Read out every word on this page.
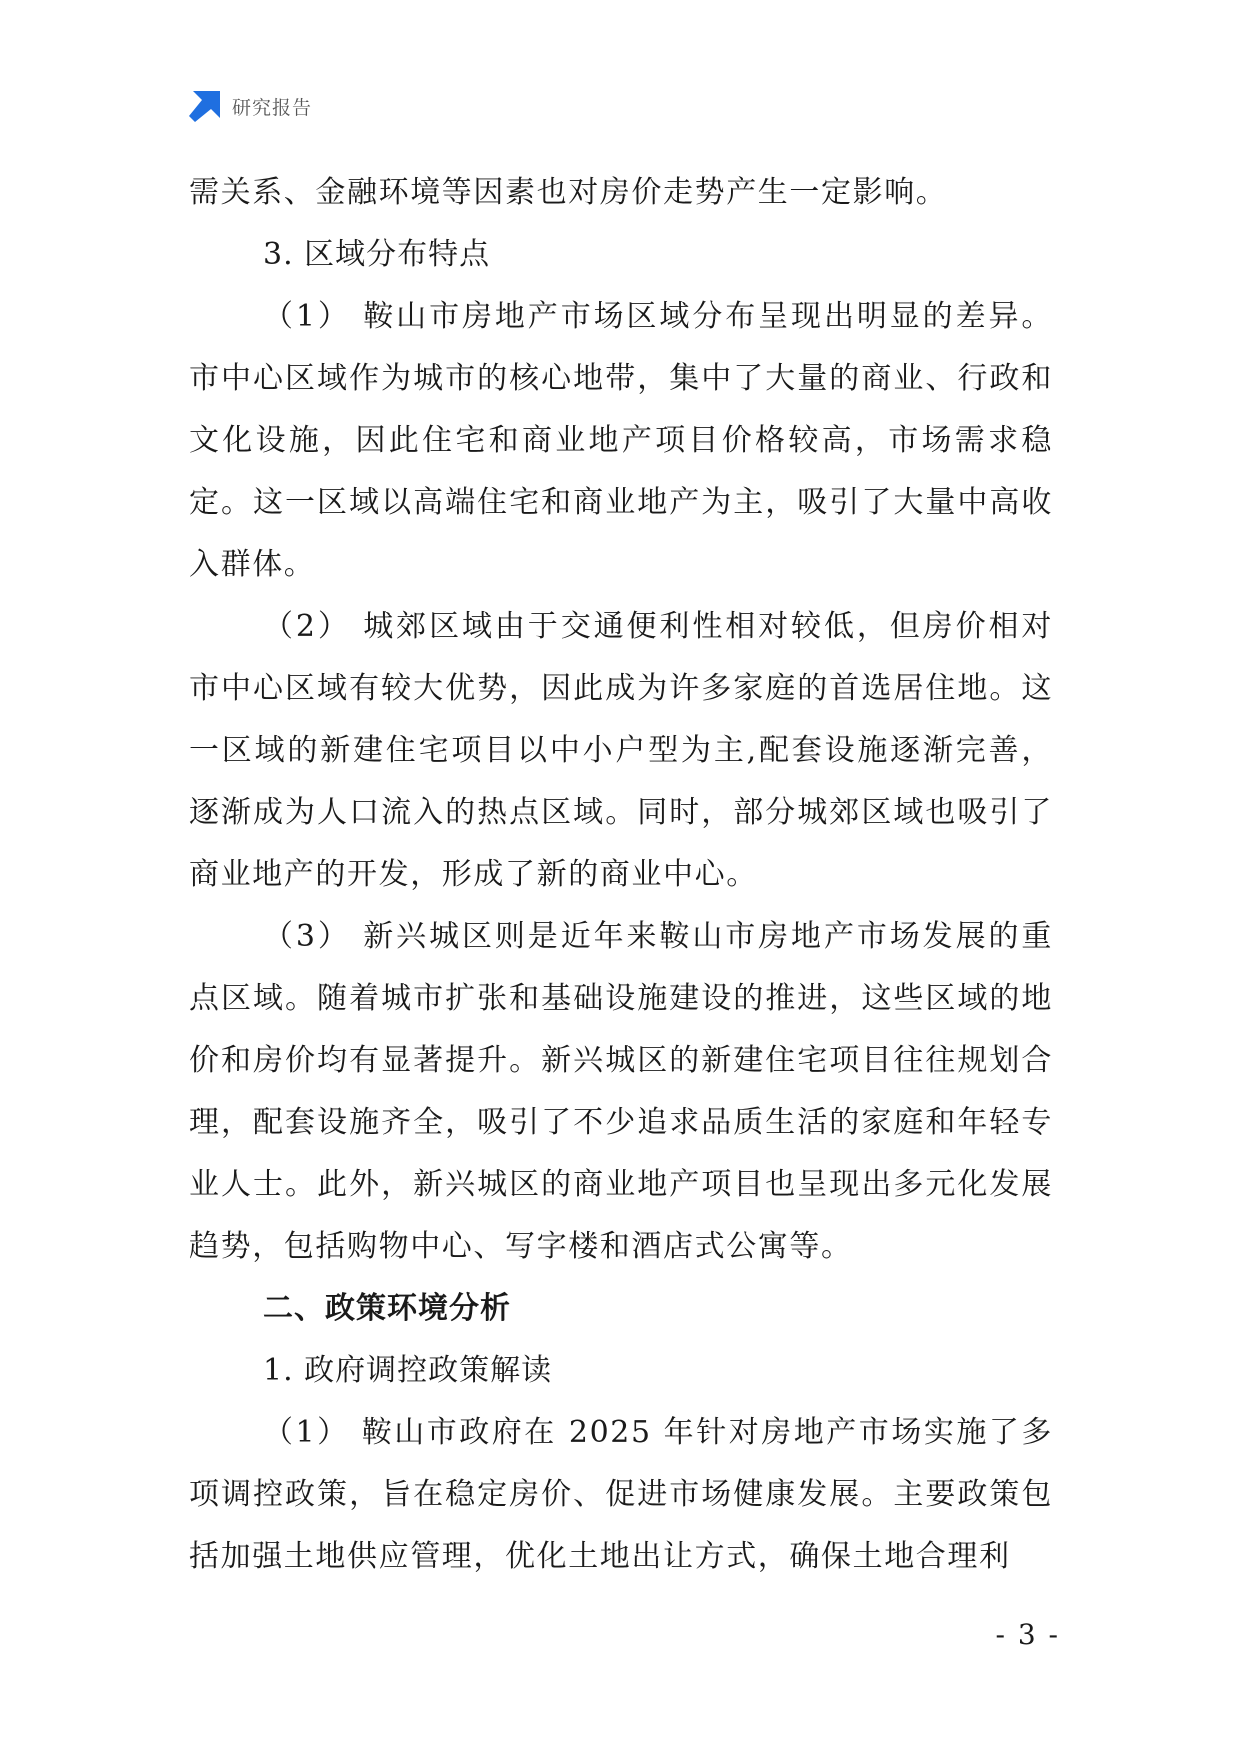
研究报告

需关系、金融环境等因素也对房价走势产生一定影响。

3. 区域分布特点

（1） 鞍山市房地产市场区域分布呈现出明显的差异。市中心区域作为城市的核心地带，集中了大量的商业、行政和文化设施，因此住宅和商业地产项目价格较高，市场需求稳定。这一区域以高端住宅和商业地产为主，吸引了大量中高收入群体。

（2） 城郊区域由于交通便利性相对较低，但房价相对市中心区域有较大优势，因此成为许多家庭的首选居住地。这一区域的新建住宅项目以中小户型为主,配套设施逐渐完善，逐渐成为人口流入的热点区域。同时，部分城郊区域也吸引了商业地产的开发，形成了新的商业中心。

（3） 新兴城区则是近年来鞍山市房地产市场发展的重点区域。随着城市扩张和基础设施建设的推进，这些区域的地价和房价均有显著提升。新兴城区的新建住宅项目往往规划合理，配套设施齐全，吸引了不少追求品质生活的家庭和年轻专业人士。此外，新兴城区的商业地产项目也呈现出多元化发展趋势，包括购物中心、写字楼和酒店式公寓等。

二、政策环境分析

1. 政府调控政策解读

（1） 鞍山市政府在 2025 年针对房地产市场实施了多项调控政策，旨在稳定房价、促进市场健康发展。主要政策包括加强土地供应管理，优化土地出让方式，确保土地合理利

- 3 -
